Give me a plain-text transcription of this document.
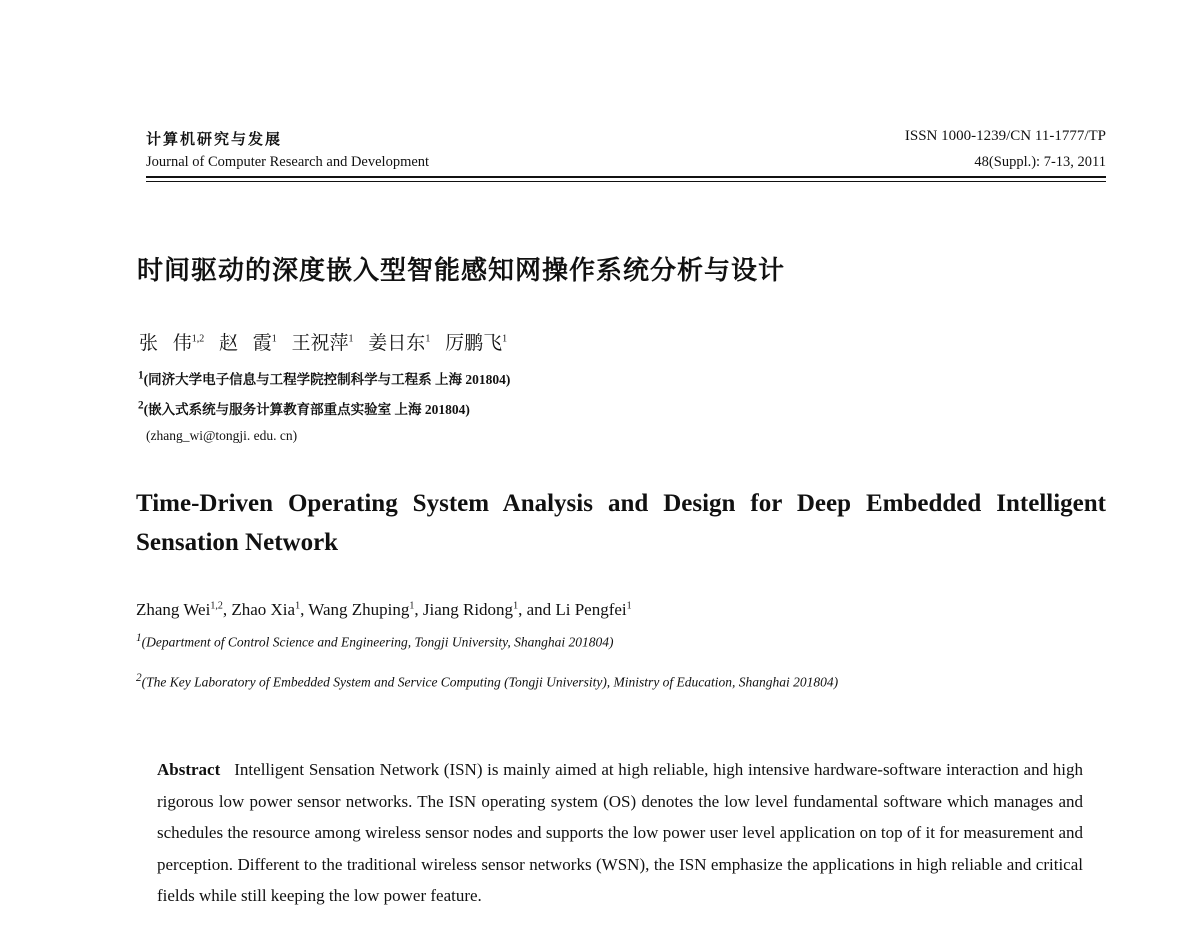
计算机研究与发展
Journal of Computer Research and Development
ISSN 1000-1239/CN 11-1777/TP
48(Suppl.): 7-13, 2011
时间驱动的深度嵌入型智能感知网操作系统分析与设计
张 伟$^{1,2}$ 赵 霞$^1$ 王祝萍$^1$ 姜日东$^1$ 厉鹏飞$^1$
$^1$(同济大学电子信息与工程学院控制科学与工程系 上海 201804)
$^2$(嵌入式系统与服务计算教育部重点实验室 上海 201804)
(zhang_wi@tongji. edu. cn)
Time-Driven Operating System Analysis and Design for Deep Embedded Intelligent Sensation Network
Zhang Wei$^{1,2}$, Zhao Xia$^1$, Wang Zhuping$^1$, Jiang Ridong$^1$, and Li Pengfei$^1$
$^1$(Department of Control Science and Engineering, Tongji University, Shanghai 201804)
$^2$(The Key Laboratory of Embedded System and Service Computing (Tongji University), Ministry of Education, Shanghai 201804)
Abstract Intelligent Sensation Network (ISN) is mainly aimed at high reliable, high intensive hardware-software interaction and high rigorous low power sensor networks. The ISN operating system (OS) denotes the low level fundamental software which manages and schedules the resource among wireless sensor nodes and supports the low power user level application on top of it for measurement and perception. Different to the traditional wireless sensor networks (WSN), the ISN emphasize the applications in high reliable and critical fields while still keeping the low power feature.
